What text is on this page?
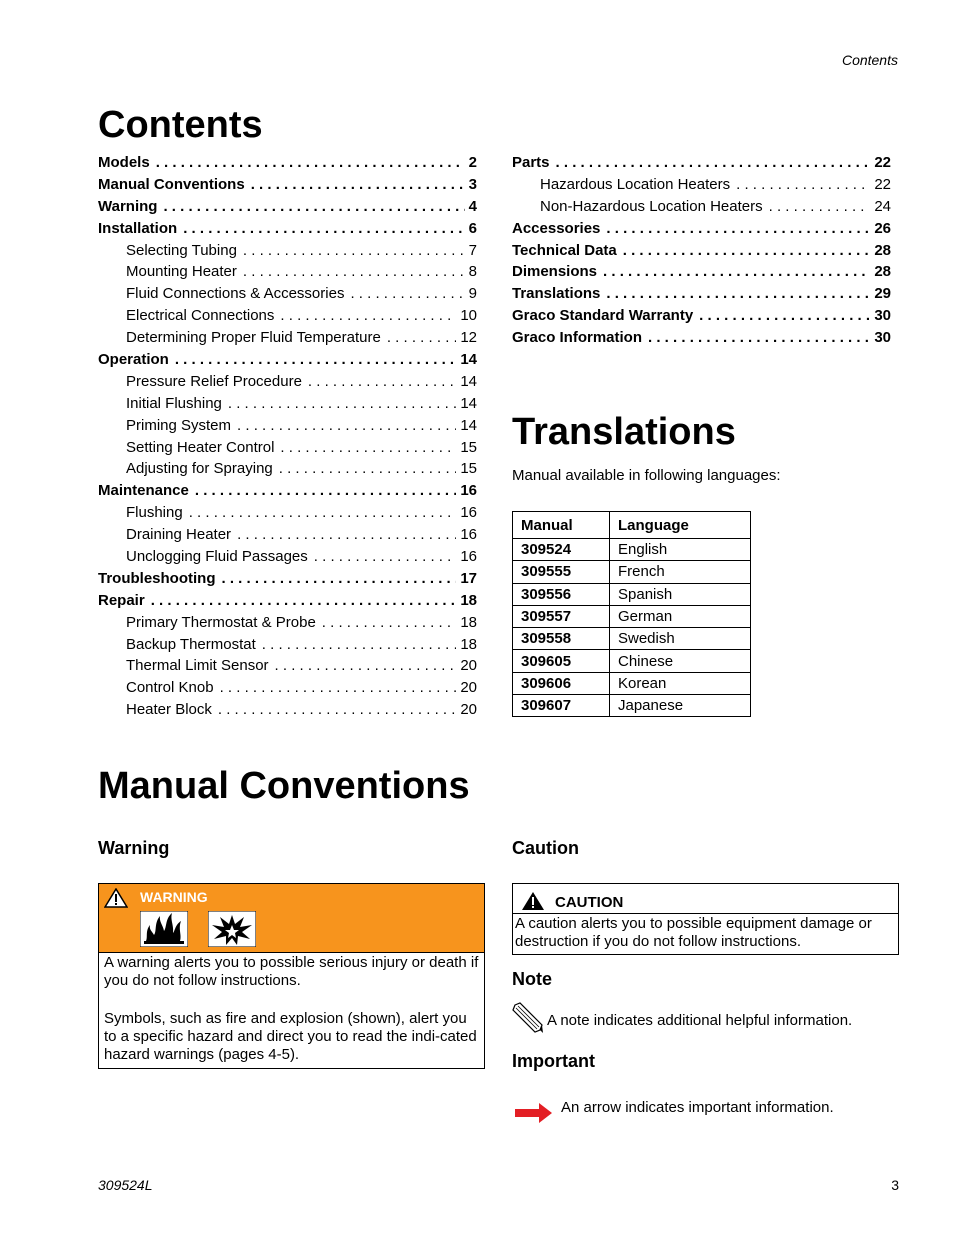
Contents
Contents
Models . . .	2
Manual Conventions . . .	3
Warning . . .	4
Installation . . .	6
Selecting Tubing . . .	7
Mounting Heater . . .	8
Fluid Connections & Accessories . . .	9
Electrical Connections . . .	10
Determining Proper Fluid Temperature . . .	12
Operation . . .	14
Pressure Relief Procedure . . .	14
Initial Flushing . . .	14
Priming System . . .	14
Setting Heater Control . . .	15
Adjusting for Spraying . . .	15
Maintenance . . .	16
Flushing . . .	16
Draining Heater . . .	16
Unclogging Fluid Passages . . .	16
Troubleshooting . . .	17
Repair . . .	18
Primary Thermostat & Probe . . .	18
Backup Thermostat . . .	18
Thermal Limit Sensor . . .	20
Control Knob . . .	20
Heater Block . . .	20
Parts . . .	22
Hazardous Location Heaters . . .	22
Non-Hazardous Location Heaters . . .	24
Accessories . . .	26
Technical Data . . .	28
Dimensions . . .	28
Translations . . .	29
Graco Standard Warranty . . .	30
Graco Information . . .	30
Translations
Manual available in following languages:
Manual	Language
309524	English
309555	French
309556	Spanish
309557	German
309558	Swedish
309605	Chinese
309606	Korean
309607	Japanese
Manual Conventions
Warning
WARNING
A warning alerts you to possible serious injury or death if you do not follow instructions.
Symbols, such as fire and explosion (shown), alert you to a specific hazard and direct you to read the indi-cated hazard warnings (pages 4-5).
Caution
CAUTION
A caution alerts you to possible equipment damage or destruction if you do not follow instructions.
Note
A note indicates additional helpful information.
Important
An arrow indicates important information.
309524L	3
